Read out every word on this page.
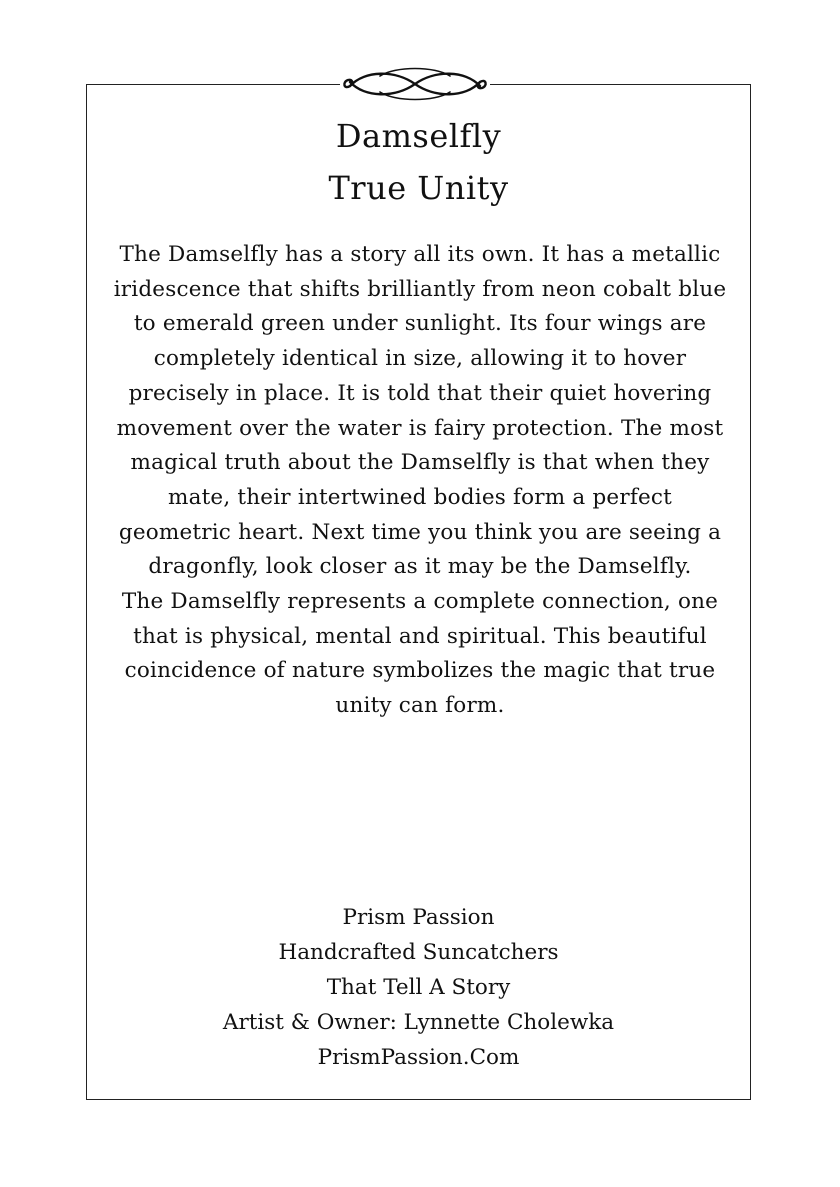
Damselfly
True Unity

The Damselfly has a story all its own. It has a metallic iridescence that shifts brilliantly from neon cobalt blue to emerald green under sunlight. Its four wings are completely identical in size, allowing it to hover precisely in place. It is told that their quiet hovering movement over the water is fairy protection. The most magical truth about the Damselfly is that when they mate, their intertwined bodies form a perfect geometric heart. Next time you think you are seeing a dragonfly, look closer as it may be the Damselfly.

The Damselfly represents a complete connection, one that is physical, mental and spiritual. This beautiful coincidence of nature symbolizes the magic that true unity can form.

Prism Passion
Handcrafted Suncatchers
That Tell A Story
Artist & Owner: Lynnette Cholewka
PrismPassion.Com
